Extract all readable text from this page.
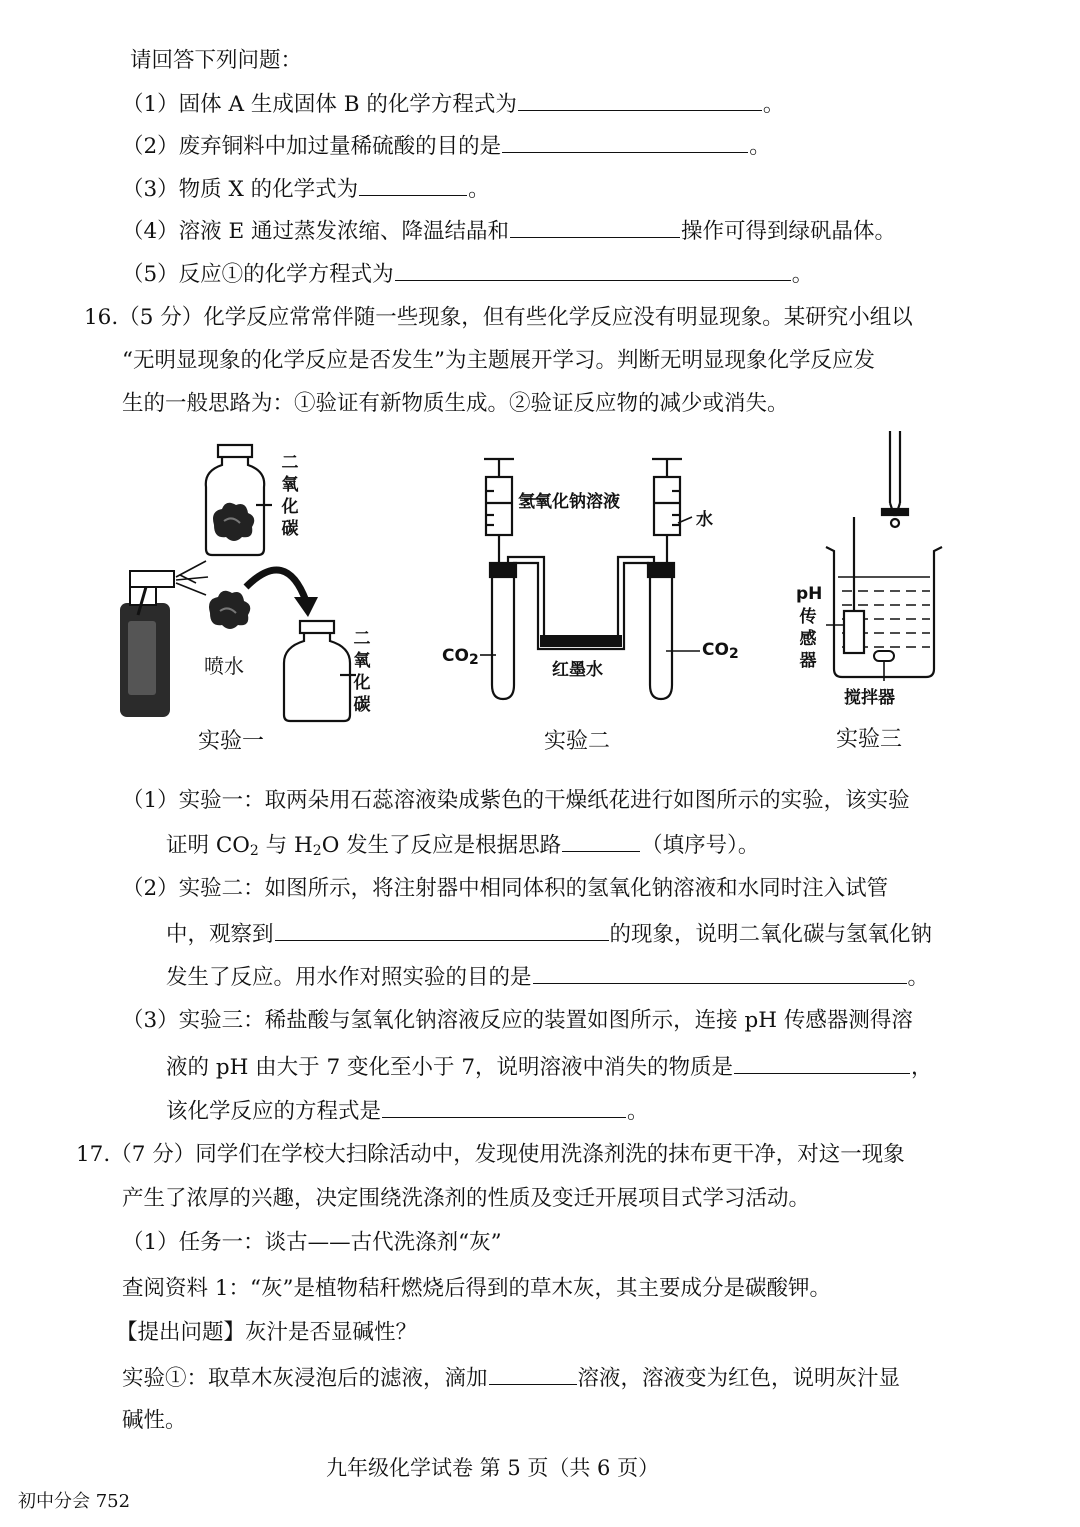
请回答下列问题：
（1）固体 A 生成固体 B 的化学方程式为	。
（2）废弃铜料中加过量稀硫酸的目的是	。
（3）物质 X 的化学式为	。
（4）溶液 E 通过蒸发浓缩、降温结晶和	操作可得到绿矾晶体。
（5）反应①的化学方程式为	。
16.（5 分）化学反应常常伴随一些现象，但有些化学反应没有明显现象。某研究小组以
“无明显现象的化学反应是否发生”为主题展开学习。判断无明显现象化学反应发
生的一般思路为：①验证有新物质生成。②验证反应物的减少或消失。
二
氧
化
碳
喷水
二
氧
化
碳
氢氧化钠溶液
水
$CO_2$	$CO_2$
红墨水
pH
传
感
器
搅拌器
实验一	实验二	实验三
（1）实验一：取两朵用石蕊溶液染成紫色的干燥纸花进行如图所示的实验，该实验
证明 $CO_2$ 与 $H_2O$ 发生了反应是根据思路	（填序号）。
（2）实验二：如图所示，将注射器中相同体积的氢氧化钠溶液和水同时注入试管
中，观察到	的现象，说明二氧化碳与氢氧化钠
发生了反应。用水作对照实验的目的是	。
（3）实验三：稀盐酸与氢氧化钠溶液反应的装置如图所示，连接 pH 传感器测得溶
液的 pH 由大于 7 变化至小于 7，说明溶液中消失的物质是	，
该化学反应的方程式是	。
17.（7 分）同学们在学校大扫除活动中，发现使用洗涤剂洗的抹布更干净，对这一现象
产生了浓厚的兴趣，决定围绕洗涤剂的性质及变迁开展项目式学习活动。
（1）任务一：谈古——古代洗涤剂“灰”
查阅资料 1：“灰”是植物秸秆燃烧后得到的草木灰，其主要成分是碳酸钾。
【提出问题】灰汁是否显碱性？
实验①：取草木灰浸泡后的滤液，滴加	溶液，溶液变为红色，说明灰汁显
碱性。
九年级化学试卷 第 5 页（共 6 页）
初中分会 752
